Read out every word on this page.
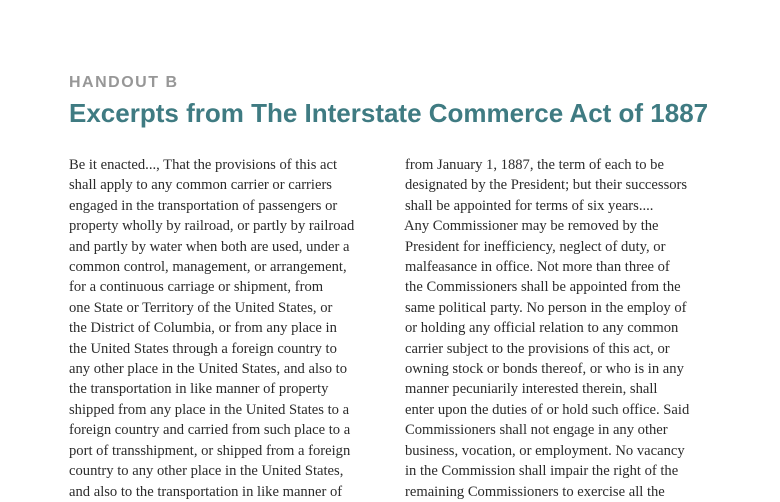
HANDOUT B
Excerpts from The Interstate Commerce Act of 1887
Be it enacted..., That the provisions of this act
shall apply to any common carrier or carriers
engaged in the transportation of passengers or
property wholly by railroad, or partly by railroad
and partly by water when both are used, under a
common control, management, or arrangement,
for a continuous carriage or shipment, from
one State or Territory of the United States, or
the District of Columbia, or from any place in
the United States through a foreign country to
any other place in the United States, and also to
the transportation in like manner of property
shipped from any place in the United States to a
foreign country and carried from such place to a
port of transshipment, or shipped from a foreign
country to any other place in the United States,
and also to the transportation in like manner of
from January 1, 1887, the term of each to be
designated by the President; but their successors
shall be appointed for terms of six years....
Any Commissioner may be removed by the
President for inefficiency, neglect of duty, or
malfeasance in office. Not more than three of
the Commissioners shall be appointed from the
same political party. No person in the employ of
or holding any official relation to any common
carrier subject to the provisions of this act, or
owning stock or bonds thereof, or who is in any
manner pecuniarily interested therein, shall
enter upon the duties of or hold such office. Said
Commissioners shall not engage in any other
business, vocation, or employment. No vacancy
in the Commission shall impair the right of the
remaining Commissioners to exercise all the
